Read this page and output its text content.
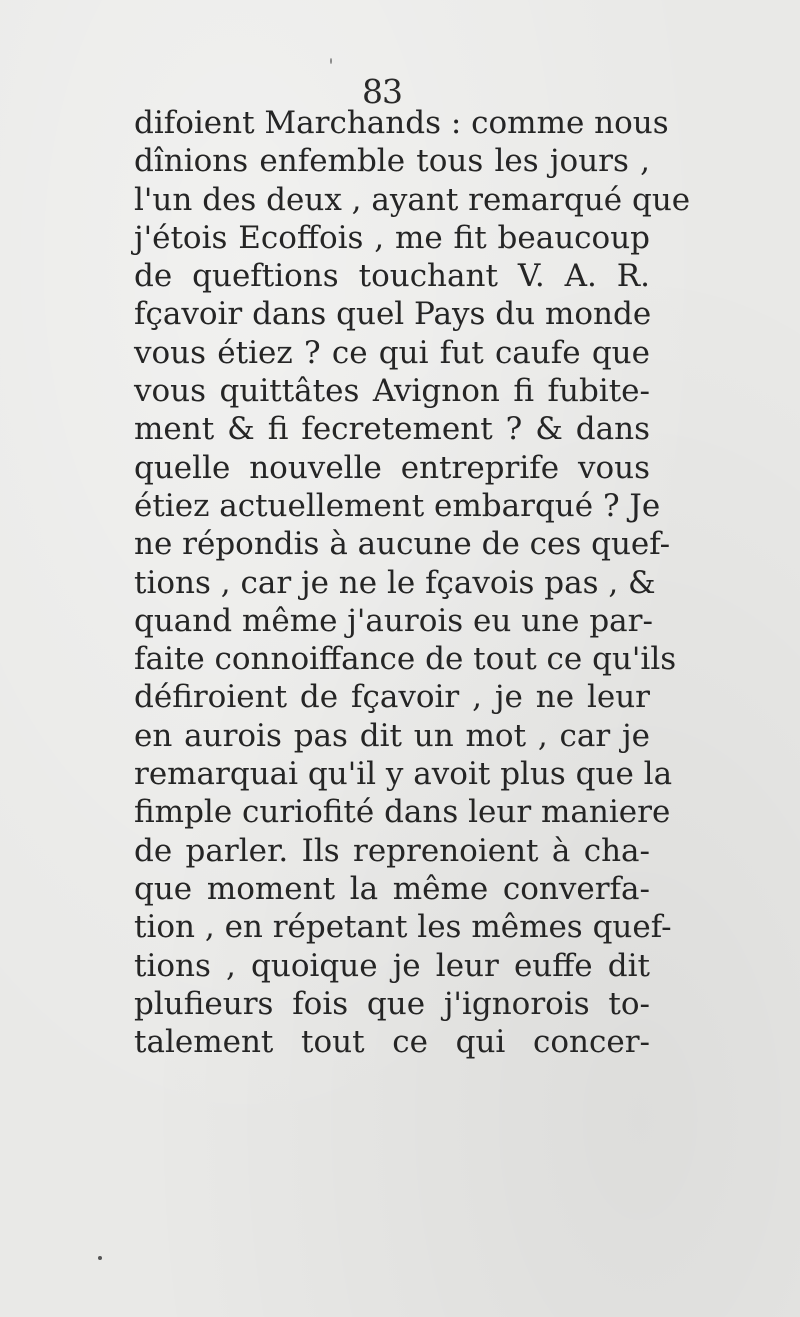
83
difoient Marchands : comme nous
dînions enfemble tous les jours ,
l'un des deux , ayant remarqué que
j'étois Ecoffois , me fit beaucoup
de queftions touchant V. A. R.
fçavoir dans quel Pays du monde
vous étiez ? ce qui fut caufe que
vous quittâtes Avignon fi fubite-
ment & fi fecretement ? & dans
quelle nouvelle entreprife vous
étiez actuellement embarqué ? Je
ne répondis à aucune de ces quef-
tions , car je ne le fçavois pas , &
quand même j'aurois eu une par-
faite connoiffance de tout ce qu'ils
défiroient de fçavoir , je ne leur
en aurois pas dit un mot , car je
remarquai qu'il y avoit plus que la
fimple curiofité dans leur maniere
de parler. Ils reprenoient à cha-
que moment la même converfa-
tion , en répetant les mêmes quef-
tions , quoique je leur euffe dit
plufieurs fois que j'ignorois to-
talement tout ce qui concer-
